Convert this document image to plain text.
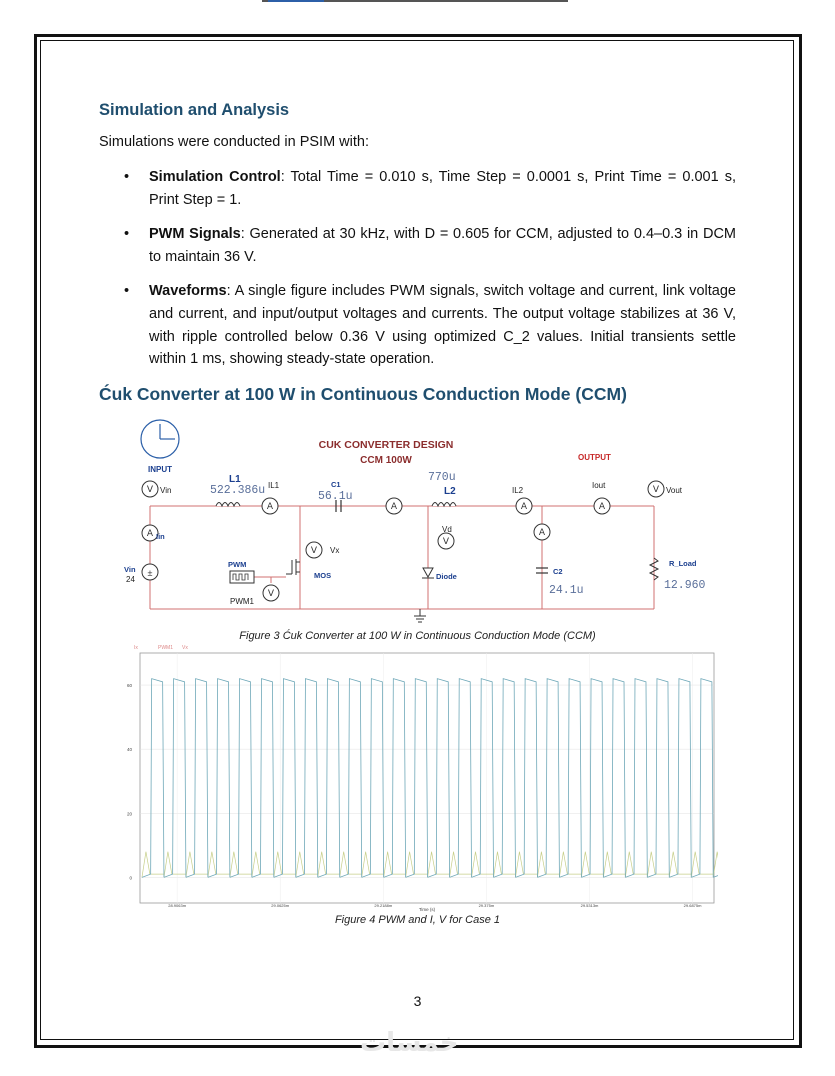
Simulation and Analysis
Simulations were conducted in PSIM with:
• Simulation Control: Total Time = 0.010 s, Time Step = 0.0001 s, Print Time = 0.001 s, Print Step = 1.
• PWM Signals: Generated at 30 kHz, with D = 0.605 for CCM, adjusted to 0.4–0.3 in DCM to maintain 36 V.
• Waveforms: A single figure includes PWM signals, switch voltage and current, link voltage and current, and input/output voltages and currents. The output voltage stabilizes at 36 V, with ripple controlled below 0.36 V using optimized C_2 values. Initial transients settle within 1 ms, showing steady-state operation.
Ćuk Converter at 100 W in Continuous Conduction Mode (CCM)
INPUT
CUK CONVERTER DESIGN
CCM 100W	OUTPUT
V
A
A	A
V
V
V
A
A
A
V
±
L1
L2
522.386u	56.1u
770u
24.1u	12.960
C1
C2
R_Load
Vin
PWM
MOS	Diode
Iin
24
Vin
IL1
Vx
PWM1
Vd
IL2
Iout
Vout
Figure 3 Ćuk Converter at 100 W in Continuous Conduction Mode (CCM)
Ix	PWM1 Vx
0
20
40
60
28.9063m	29.0625m	29.2188m	29.375m	29.5313m	29.6875m
Time (s)
Figure 4 PWM and I, V for Case 1
3
خمسات
